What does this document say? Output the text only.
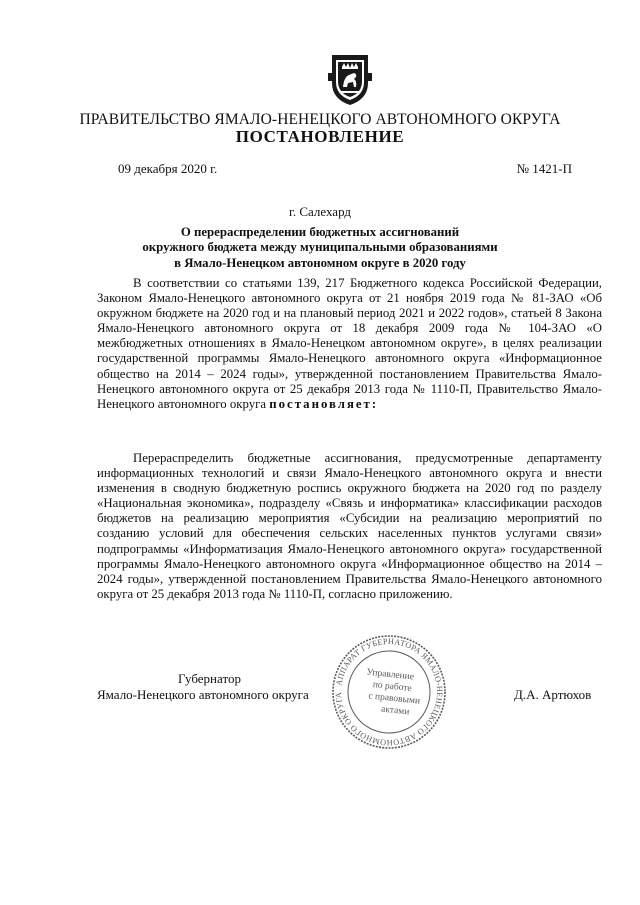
ПРАВИТЕЛЬСТВО ЯМАЛО-НЕНЕЦКОГО АВТОНОМНОГО ОКРУГА
ПОСТАНОВЛЕНИЕ
09 декабря 2020 г.	№ 1421-П
г. Салехард
О перераспределении бюджетных ассигнований
окружного бюджета между муниципальными образованиями
в Ямало-Ненецком автономном округе в 2020 году
В соответствии со статьями 139, 217 Бюджетного кодекса Российской Федерации, Законом Ямало-Ненецкого автономного округа от 21 ноября 2019 года № 81-ЗАО «Об окружном бюджете на 2020 год и на плановый период 2021 и 2022 годов», статьей 8 Закона Ямало-Ненецкого автономного округа от 18 декабря 2009 года № 104-ЗАО «О межбюджетных отношениях в Ямало-Ненецком автономном округе», в целях реализации государственной программы Ямало-Ненецкого автономного округа «Информационное общество на 2014 – 2024 годы», утвержденной постановлением Правительства Ямало-Ненецкого автономного округа от 25 декабря 2013 года № 1110-П, Правительство Ямало-Ненецкого автономного округа постановляет:
Перераспределить бюджетные ассигнования, предусмотренные департаменту информационных технологий и связи Ямало-Ненецкого автономного округа и внести изменения в сводную бюджетную роспись окружного бюджета на 2020 год по разделу «Национальная экономика», подразделу «Связь и информатика» классификации расходов бюджетов на реализацию мероприятия «Субсидии на реализацию мероприятий по созданию условий для обеспечения сельских населенных пунктов услугами связи» подпрограммы «Информатизация Ямало-Ненецкого автономного округа» государственной программы Ямало-Ненецкого автономного округа «Информационное общество на 2014 – 2024 годы», утвержденной постановлением Правительства Ямало-Ненецкого автономного округа от 25 декабря 2013 года № 1110-П, согласно приложению.
Губернатор
Ямало-Ненецкого автономного округа	Д.А. Артюхов
АППАРАТ ГУБЕРНАТОРА ЯМАЛО-НЕНЕЦКОГО АВТОНОМНОГО ОКРУГА
Управление
по работе
с правовыми
актами
